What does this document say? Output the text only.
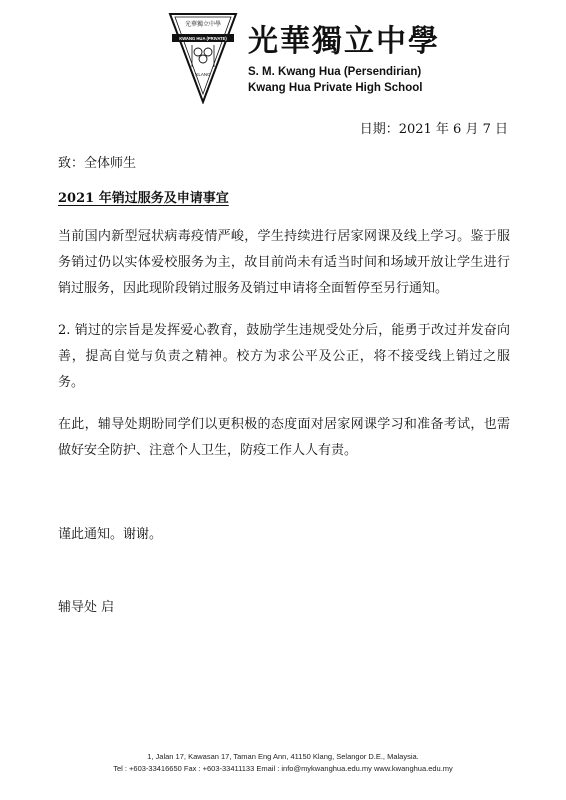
光華獨立中學
KWANG HUA (PRIVATE)
KLANG
光華獨立中學
S. M. Kwang Hua (Persendirian)
Kwang Hua Private High School
日期：2021 年 6 月 7 日
致：全体师生
2021 年销过服务及申请事宜

当前国内新型冠状病毒疫情严峻，学生持续进行居家网课及线上学习。鉴于服务销过仍以实体爱校服务为主，故目前尚未有适当时间和场域开放让学生进行销过服务，因此现阶段销过服务及销过申请将全面暂停至另行通知。

2. 销过的宗旨是发挥爱心教育，鼓励学生违规受处分后，能勇于改过并发奋向善，提高自觉与负责之精神。校方为求公平及公正，将不接受线上销过之服务。

在此，辅导处期盼同学们以更积极的态度面对居家网课学习和准备考试，也需做好安全防护、注意个人卫生，防疫工作人人有责。

谨此通知。谢谢。
辅导处 启
1, Jalan 17, Kawasan 17, Taman Eng Ann, 41150 Klang, Selangor D.E., Malaysia.
Tel : +603-33416650 Fax : +603-33411133 Email : info@mykwanghua.edu.my www.kwanghua.edu.my
